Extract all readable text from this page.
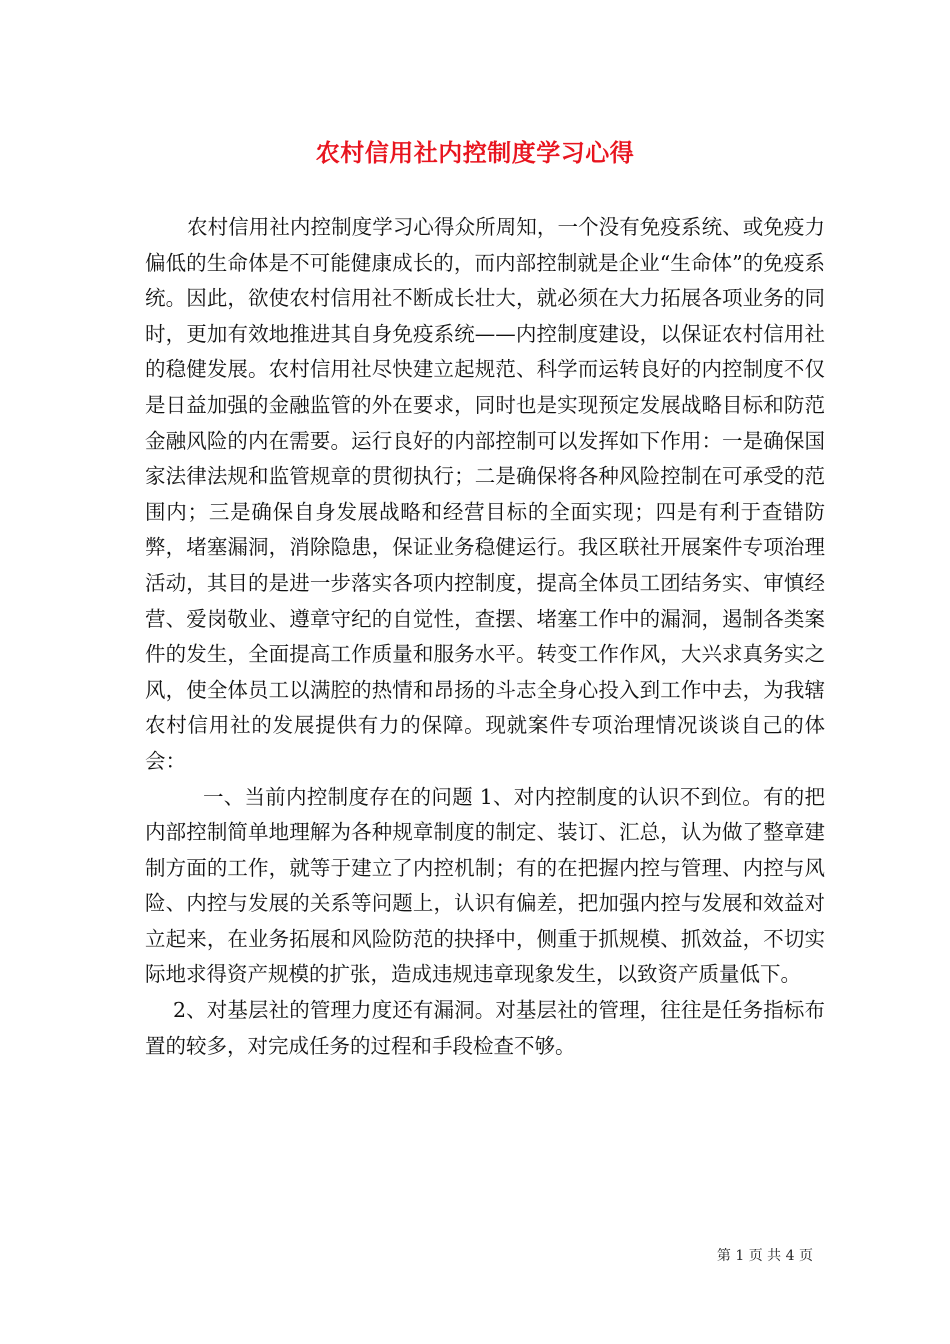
农村信用社内控制度学习心得

农村信用社内控制度学习心得众所周知，一个没有免疫系统、或免疫力偏低的生命体是不可能健康成长的，而内部控制就是企业“生命体”的免疫系统。因此，欲使农村信用社不断成长壮大，就必须在大力拓展各项业务的同时，更加有效地推进其自身免疫系统——内控制度建设，以保证农村信用社的稳健发展。农村信用社尽快建立起规范、科学而运转良好的内控制度不仅是日益加强的金融监管的外在要求，同时也是实现预定发展战略目标和防范金融风险的内在需要。运行良好的内部控制可以发挥如下作用：一是确保国家法律法规和监管规章的贯彻执行；二是确保将各种风险控制在可承受的范围内；三是确保自身发展战略和经营目标的全面实现；四是有利于查错防弊，堵塞漏洞，消除隐患，保证业务稳健运行。我区联社开展案件专项治理活动，其目的是进一步落实各项内控制度，提高全体员工团结务实、审慎经营、爱岗敬业、遵章守纪的自觉性，查摆、堵塞工作中的漏洞，遏制各类案件的发生，全面提高工作质量和服务水平。转变工作作风，大兴求真务实之风，使全体员工以满腔的热情和昂扬的斗志全身心投入到工作中去，为我辖农村信用社的发展提供有力的保障。现就案件专项治理情况谈谈自己的体会：

一、当前内控制度存在的问题 1、对内控制度的认识不到位。有的把内部控制简单地理解为各种规章制度的制定、装订、汇总，认为做了整章建制方面的工作，就等于建立了内控机制；有的在把握内控与管理、内控与风险、内控与发展的关系等问题上，认识有偏差，把加强内控与发展和效益对立起来，在业务拓展和风险防范的抉择中，侧重于抓规模、抓效益，不切实际地求得资产规模的扩张，造成违规违章现象发生，以致资产质量低下。

2、对基层社的管理力度还有漏洞。对基层社的管理，往往是任务指标布置的较多，对完成任务的过程和手段检查不够。

第 1 页 共 4 页
